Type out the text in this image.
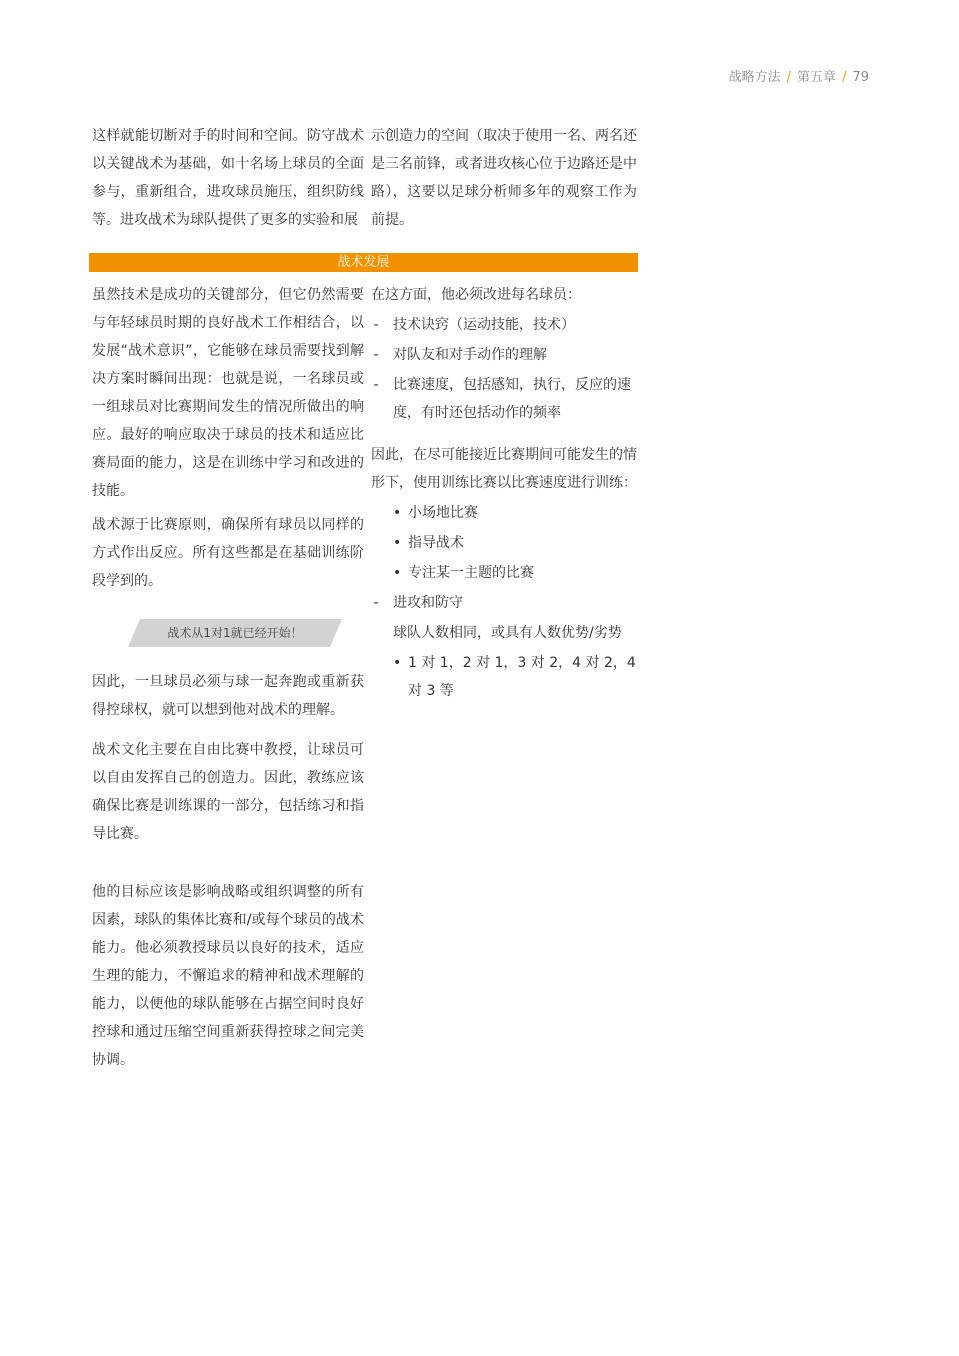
战略方法 / 第五章 / 79

这样就能切断对手的时间和空间。防守战术以关键战术为基础，如十名场上球员的全面参与，重新组合，进攻球员施压，组织防线等。进攻战术为球队提供了更多的实验和展

示创造力的空间（取决于使用一名、两名还是三名前锋，或者进攻核心位于边路还是中路），这要以足球分析师多年的观察工作为前提。

战术发展

虽然技术是成功的关键部分，但它仍然需要与年轻球员时期的良好战术工作相结合，以发展“战术意识”，它能够在球员需要找到解决方案时瞬间出现：也就是说，一名球员或一组球员对比赛期间发生的情况所做出的响应。最好的响应取决于球员的技术和适应比赛局面的能力，这是在训练中学习和改进的技能。

战术源于比赛原则，确保所有球员以同样的方式作出反应。所有这些都是在基础训练阶段学到的。

战术从1对1就已经开始！

因此，一旦球员必须与球一起奔跑或重新获得控球权，就可以想到他对战术的理解。

战术文化主要在自由比赛中教授，让球员可以自由发挥自己的创造力。因此，教练应该确保比赛是训练课的一部分，包括练习和指导比赛。

他的目标应该是影响战略或组织调整的所有因素，球队的集体比赛和/或每个球员的战术能力。他必须教授球员以良好的技术，适应生理的能力，不懈追求的精神和战术理解的能力，以便他的球队能够在占据空间时良好控球和通过压缩空间重新获得控球之间完美协调。

在这方面，他必须改进每名球员：

- 技术诀窍（运动技能，技术）
- 对队友和对手动作的理解
- 比赛速度，包括感知，执行，反应的速度，有时还包括动作的频率

因此，在尽可能接近比赛期间可能发生的情形下，使用训练比赛以比赛速度进行训练：

• 小场地比赛
• 指导战术
• 专注某一主题的比赛
- 进攻和防守

球队人数相同，或具有人数优势/劣势

• 1 对 1，2 对 1，3 对 2，4 对 2，4 对 3 等
